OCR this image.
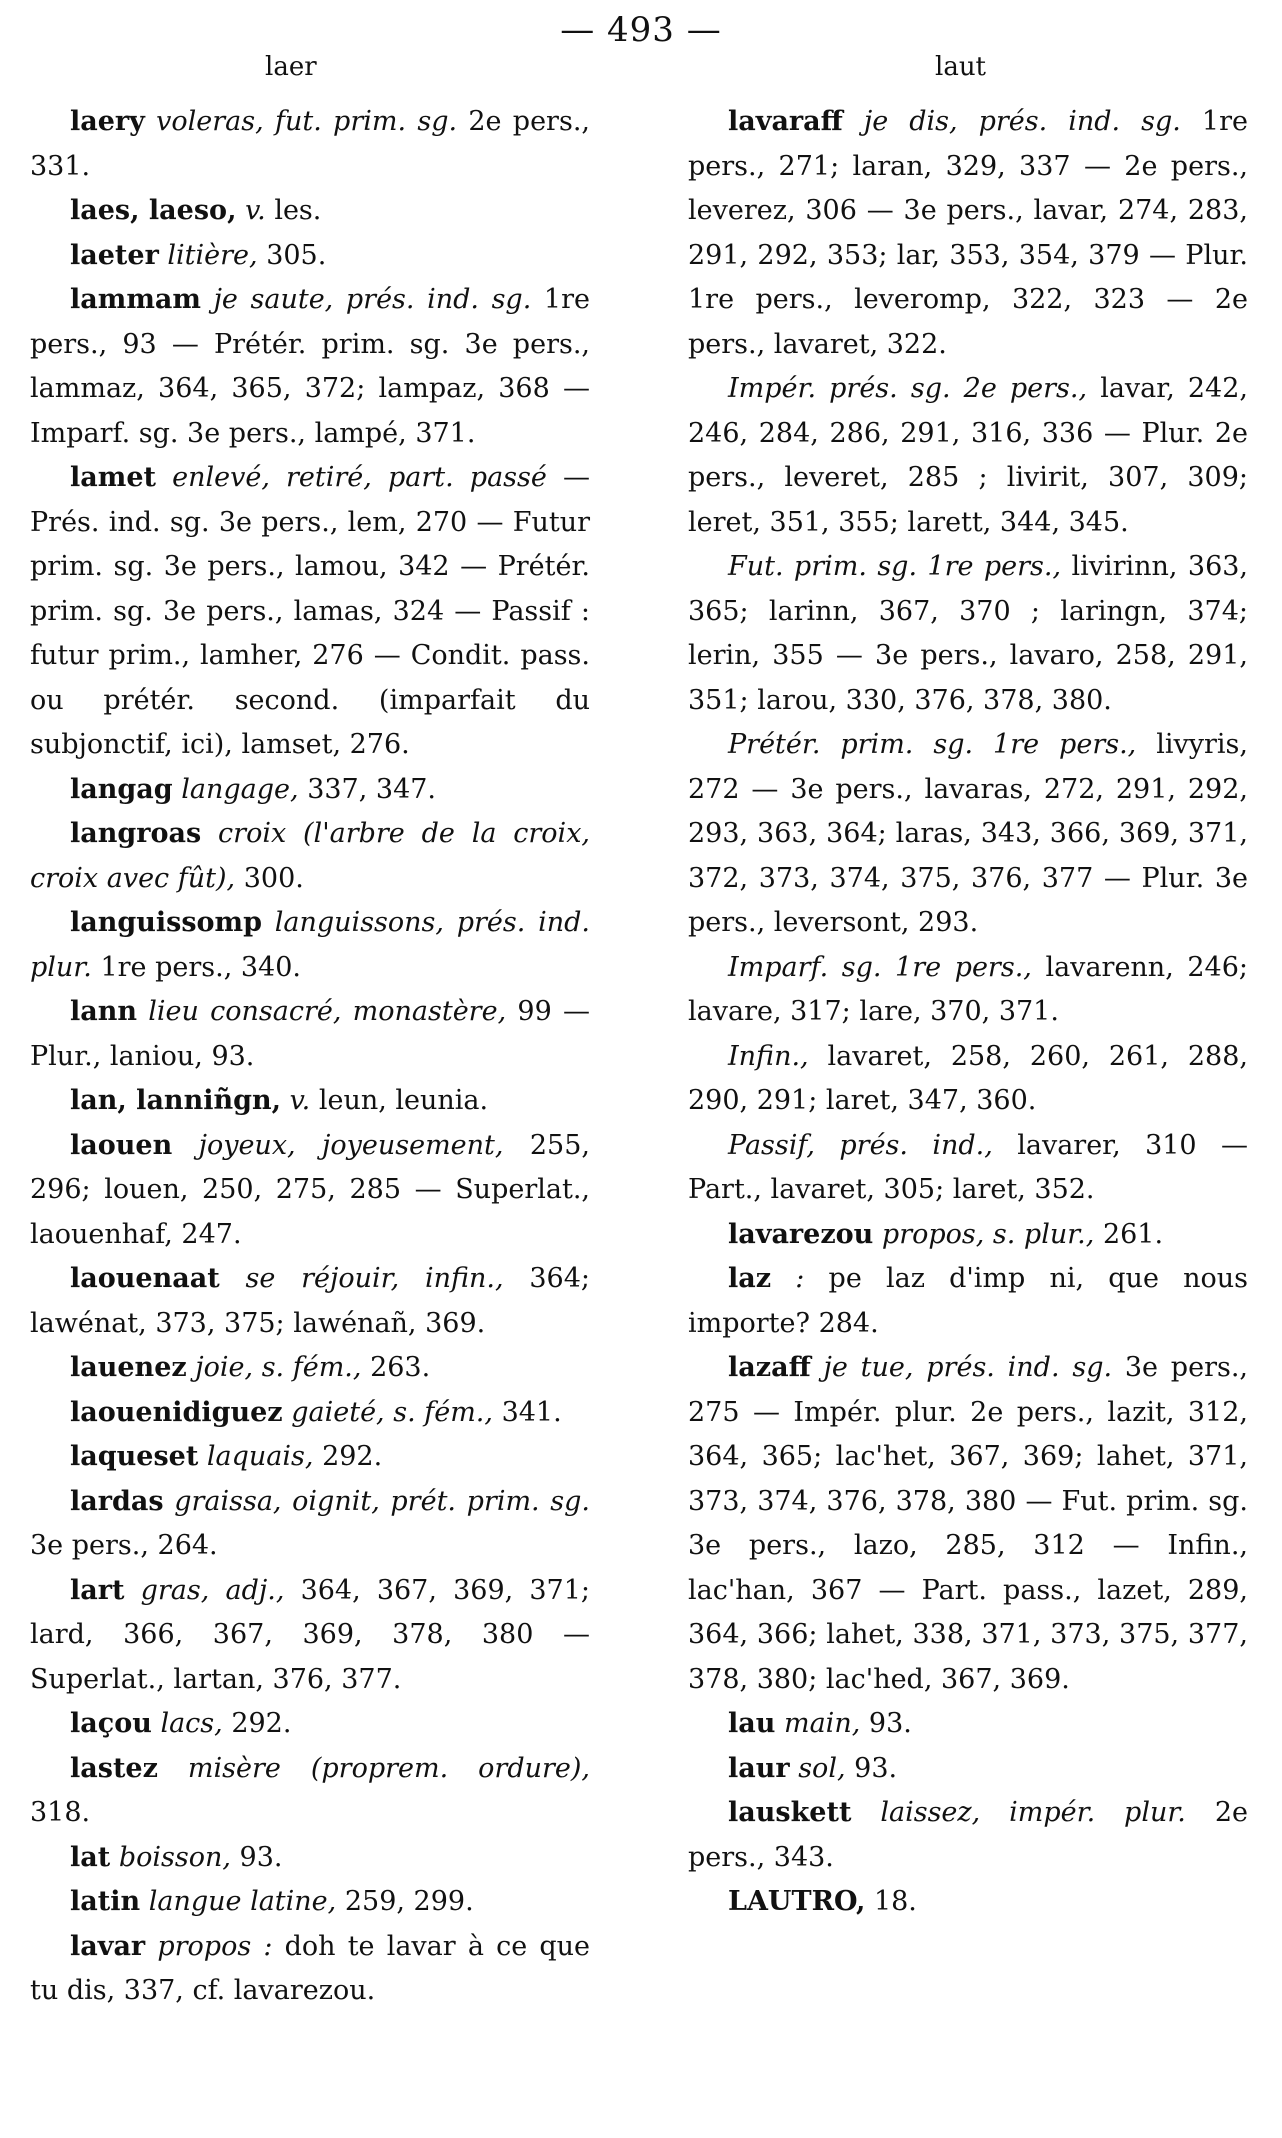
— 493 —
laer	laut

laery voleras, fut. prim. sg. 2e pers., 331.

laes, laeso, v. les.

laeter litière, 305.

lammam je saute, prés. ind. sg. 1re pers., 93 — Prétér. prim. sg. 3e pers., lammaz, 364, 365, 372; lampaz, 368 — Imparf. sg. 3e pers., lampé, 371.

lamet enlevé, retiré, part. passé — Prés. ind. sg. 3e pers., lem, 270 — Futur prim. sg. 3e pers., lamou, 342 — Prétér. prim. sg. 3e pers., lamas, 324 — Passif : futur prim., lamher, 276 — Condit. pass. ou prétér. second. (imparfait du subjonctif, ici), lamset, 276.

langag langage, 337, 347.

langroas croix (l'arbre de la croix, croix avec fût), 300.

languissomp languissons, prés. ind. plur. 1re pers., 340.

lann lieu consacré, monastère, 99 — Plur., laniou, 93.

lan, lanniñgn, v. leun, leunia.

laouen joyeux, joyeusement, 255, 296; louen, 250, 275, 285 — Superlat., laouenhaf, 247.

laouenaat se réjouir, infin., 364; lawénat, 373, 375; lawénañ, 369.

lauenez joie, s. fém., 263.

laouenidiguez gaieté, s. fém., 341.

laqueset laquais, 292.

lardas graissa, oignit, prét. prim. sg. 3e pers., 264.

lart gras, adj., 364, 367, 369, 371; lard, 366, 367, 369, 378, 380 — Superlat., lartan, 376, 377.

laçou lacs, 292.

lastez misère (proprem. ordure), 318.

lat boisson, 93.

latin langue latine, 259, 299.

lavar propos : doh te lavar à ce que tu dis, 337, cf. lavarezou.

lavaraff je dis, prés. ind. sg. 1re pers., 271; laran, 329, 337 — 2e pers., leverez, 306 — 3e pers., lavar, 274, 283, 291, 292, 353; lar, 353, 354, 379 — Plur. 1re pers., leveromp, 322, 323 — 2e pers., lavaret, 322.

Impér. prés. sg. 2e pers., lavar, 242, 246, 284, 286, 291, 316, 336 — Plur. 2e pers., leveret, 285 ; livirit, 307, 309; leret, 351, 355; larett, 344, 345.

Fut. prim. sg. 1re pers., livirinn, 363, 365; larinn, 367, 370 ; laringn, 374; lerin, 355 — 3e pers., lavaro, 258, 291, 351; larou, 330, 376, 378, 380.

Prétér. prim. sg. 1re pers., livyris, 272 — 3e pers., lavaras, 272, 291, 292, 293, 363, 364; laras, 343, 366, 369, 371, 372, 373, 374, 375, 376, 377 — Plur. 3e pers., leversont, 293.

Imparf. sg. 1re pers., lavarenn, 246; lavare, 317; lare, 370, 371.

Infin., lavaret, 258, 260, 261, 288, 290, 291; laret, 347, 360.

Passif, prés. ind., lavarer, 310 — Part., lavaret, 305; laret, 352.

lavarezou propos, s. plur., 261.

laz : pe laz d'imp ni, que nous importe? 284.

lazaff je tue, prés. ind. sg. 3e pers., 275 — Impér. plur. 2e pers., lazit, 312, 364, 365; lac'het, 367, 369; lahet, 371, 373, 374, 376, 378, 380 — Fut. prim. sg. 3e pers., lazo, 285, 312 — Infin., lac'han, 367 — Part. pass., lazet, 289, 364, 366; lahet, 338, 371, 373, 375, 377, 378, 380; lac'hed, 367, 369.

lau main, 93.

laur sol, 93.

lauskett laissez, impér. plur. 2e pers., 343.

LAUTRO, 18.
